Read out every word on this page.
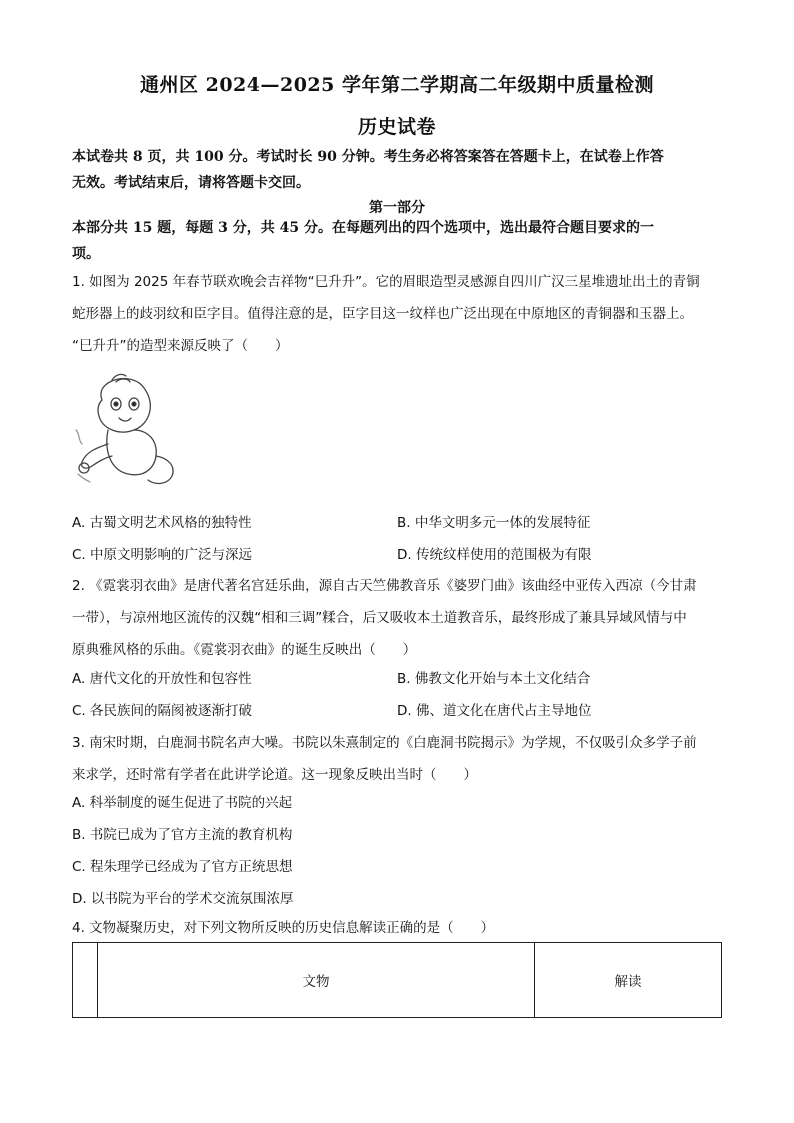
通州区 2024—2025 学年第二学期高二年级期中质量检测
历史试卷
本试卷共 8 页，共 100 分。考试时长 90 分钟。考生务必将答案答在答题卡上，在试卷上作答
无效。考试结束后，请将答题卡交回。
第一部分
本部分共 15 题，每题 3 分，共 45 分。在每题列出的四个选项中，选出最符合题目要求的一
项。
1. 如图为 2025 年春节联欢晚会吉祥物“巳升升”。它的眉眼造型灵感源自四川广汉三星堆遗址出土的青铜
蛇形器上的歧羽纹和臣字目。值得注意的是，臣字目这一纹样也广泛出现在中原地区的青铜器和玉器上。
“巳升升”的造型来源反映了（　　）
A. 古蜀文明艺术风格的独特性	B. 中华文明多元一体的发展特征
C. 中原文明影响的广泛与深远	D. 传统纹样使用的范围极为有限
2. 《霓裳羽衣曲》是唐代著名宫廷乐曲，源自古天竺佛教音乐《婆罗门曲》该曲经中亚传入西凉（今甘肃
一带），与凉州地区流传的汉魏“相和三调”糅合，后又吸收本土道教音乐，最终形成了兼具异域风情与中
原典雅风格的乐曲。《霓裳羽衣曲》的诞生反映出（　　）
A. 唐代文化的开放性和包容性	B. 佛教文化开始与本土文化结合
C. 各民族间的隔阂被逐渐打破	D. 佛、道文化在唐代占主导地位
3. 南宋时期，白鹿洞书院名声大噪。书院以朱熹制定的《白鹿洞书院揭示》为学规，不仅吸引众多学子前
来求学，还时常有学者在此讲学论道。这一现象反映出当时（　　）
A. 科举制度的诞生促进了书院的兴起
B. 书院已成为了官方主流的教育机构
C. 程朱理学已经成为了官方正统思想
D. 以书院为平台的学术交流氛围浓厚
4. 文物凝聚历史，对下列文物所反映的历史信息解读正确的是（　　）
	文物	解读
